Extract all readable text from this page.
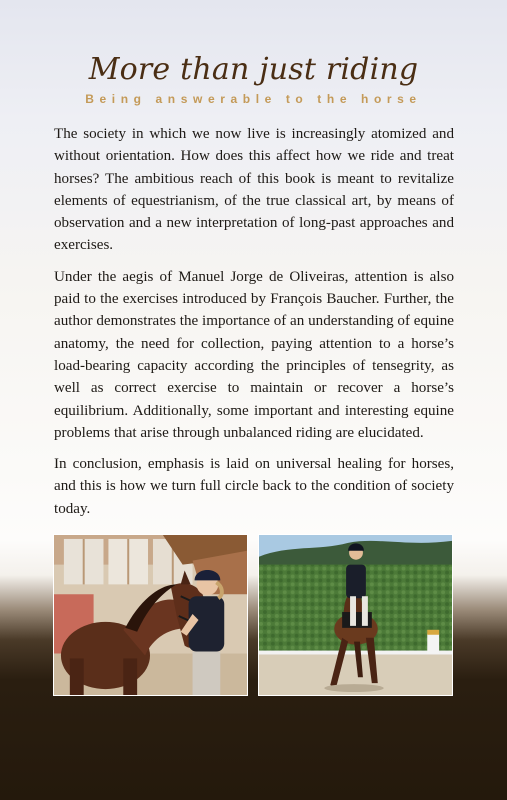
More than just riding
Being answerable to the horse

The society in which we now live is increasingly atomized and without orientation. How does this affect how we ride and treat horses? The ambitious reach of this book is meant to revitalize elements of equestrianism, of the true classical art, by means of observation and a new interpretation of long-past approaches and exercises.

Under the aegis of Manuel Jorge de Oliveiras, attention is also paid to the exercises introduced by François Baucher. Further, the author demonstrates the importance of an understanding of equine anatomy, the need for collection, paying attention to a horse’s load-bearing capacity according the principles of tensegrity, as well as correct exercise to maintain or recover a horse’s equilibrium. Additionally, some important and interesting equine problems that arise through unbalanced riding are elucidated.

In conclusion, emphasis is laid on universal healing for horses, and this is how we turn full circle back to the condition of society today.
